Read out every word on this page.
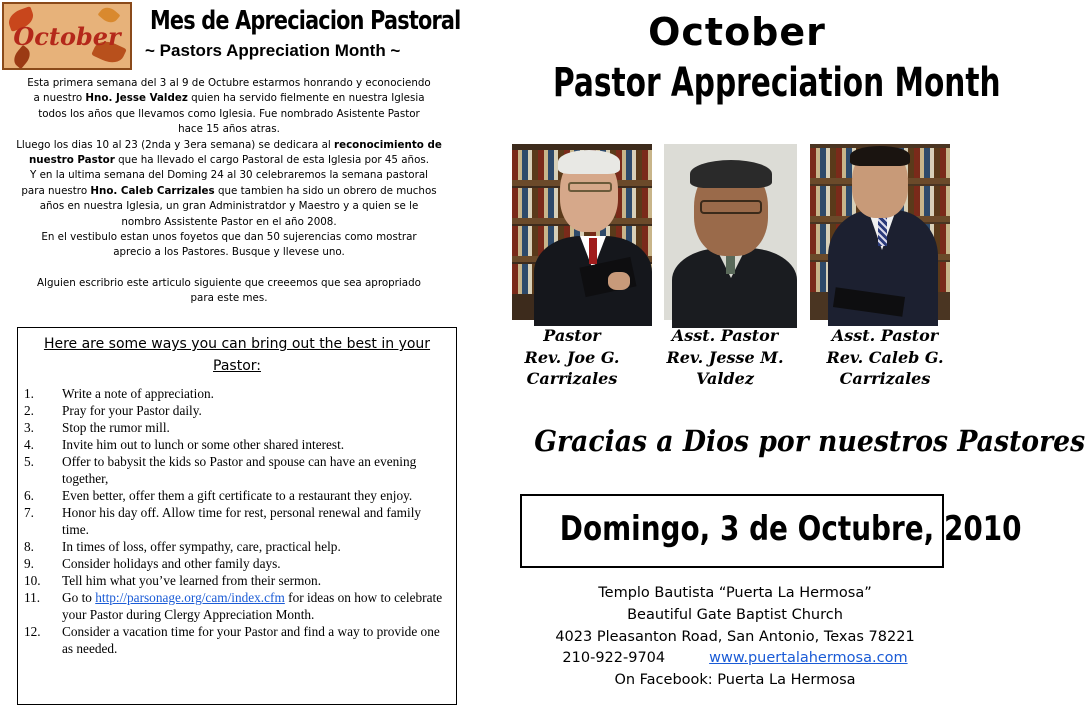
October
Mes de Apreciacion Pastoral
~ Pastors Appreciation Month ~

Esta primera semana del 3 al 9 de Octubre estarmos honrando y econociendo

a nuestro Hno. Jesse Valdez quien ha servido fielmente en nuestra Iglesia

todos los años que llevamos como Iglesia. Fue nombrado Asistente Pastor

hace 15 años atras.

Lluego los dias 10 al 23 (2nda y 3era semana) se dedicara al reconocimiento de

nuestro Pastor que ha llevado el cargo Pastoral de esta Iglesia por 45 años.

Y en la ultima semana del Doming 24 al 30 celebraremos la semana pastoral

para nuestro Hno. Caleb Carrizales que tambien ha sido un obrero de muchos

años en nuestra Iglesia, un gran Administratdor y Maestro y a quien se le

nombro Assistente Pastor en el año 2008.

En el vestibulo estan unos foyetos que dan 50 sujerencias como mostrar

aprecio a los Pastores. Busque y llevese uno.

Alguien escribrio este articulo siguiente que creeemos que sea apropriado

para este mes.

Here are some ways you can bring out the best in your Pastor:
1. Write a note of appreciation.
2. Pray for your Pastor daily.
3. Stop the rumor mill.
4. Invite him out to lunch or some other shared interest.
5. Offer to babysit the kids so Pastor and spouse can have an evening together,
6. Even better, offer them a gift certificate to a restaurant they enjoy.
7. Honor his day off. Allow time for rest, personal renewal and family time.
8. In times of loss, offer sympathy, care, practical help.
9. Consider holidays and other family days.
10. Tell him what you’ve learned from their sermon.
11. Go to http://parsonage.org/cam/index.cfm for ideas on how to celebrate your Pastor during Clergy Appreciation Month.
12. Consider a vacation time for your Pastor and find a way to provide one as needed.
October
Pastor Appreciation Month
Pastor
Rev. Joe G.
Carrizales
Asst. Pastor
Rev. Jesse M.
Valdez
Asst. Pastor
Rev. Caleb G.
Carrizales
Gracias a Dios por nuestros Pastores
Domingo, 3 de Octubre, 2010

Templo Bautista “Puerta La Hermosa”

Beautiful Gate Baptist Church

4023 Pleasanton Road, San Antonio, Texas 78221

210-922-9704	www.puertalahermosa.com

On Facebook: Puerta La Hermosa
